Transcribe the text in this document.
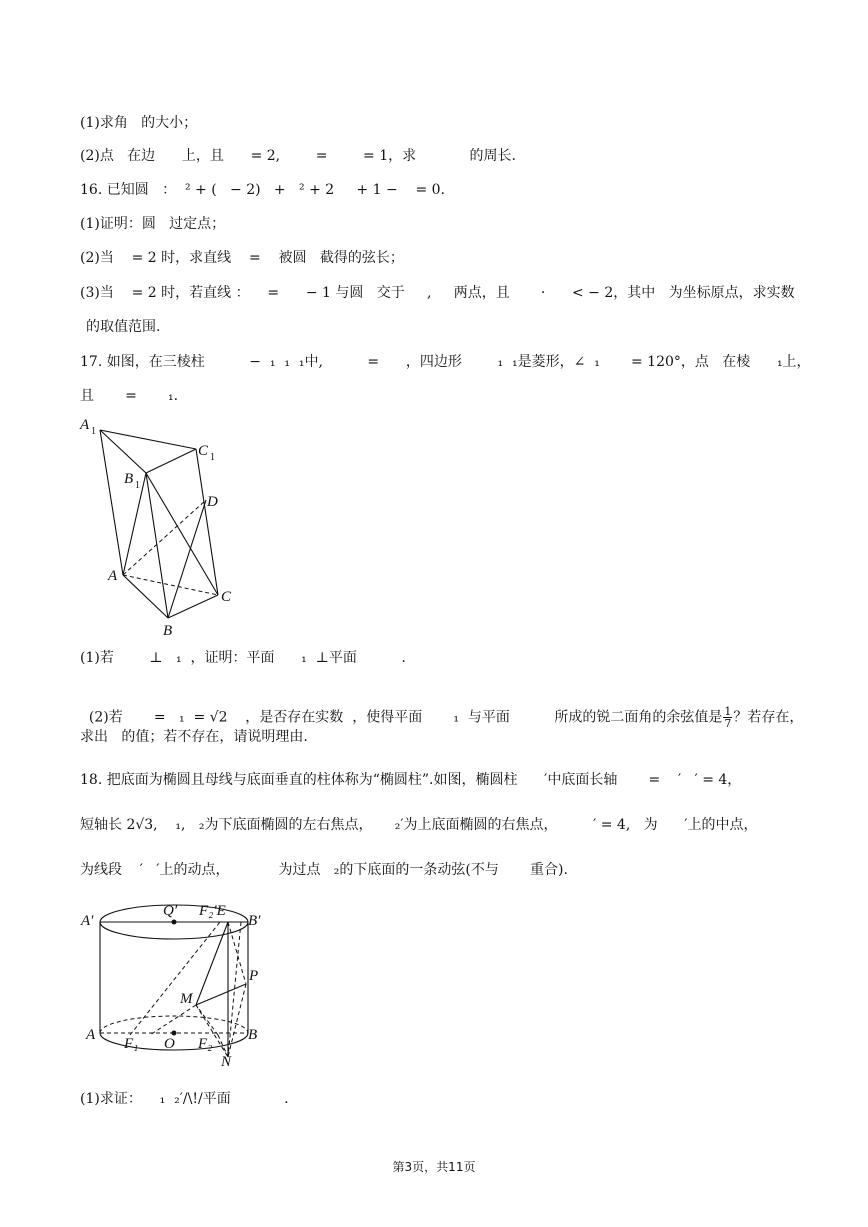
(1)求角   的大小；
(2)点   在边      上，且      = 2,        =        = 1，求            的周长.
16. 已知圆   ：  ² + (   − 2)   +   ² + 2     + 1 −    = 0.
(1)证明：圆   过定点；
(2)当    = 2 时，求直线    =    被圆   截得的弦长；
(3)当    = 2 时，若直线 ：    =      − 1 与圆   交于     ,     两点，且       ·      < − 2，其中   为坐标原点，求实数
的取值范围.
17. 如图，在三棱柱          −  ₁  ₁  ₁中,          =      ，四边形        ₁  ₁是菱形，∠  ₁       = 120°，点   在棱      ₁上，
且       =       ₁.
A 1
C 1
B 1
D
A
C
B
(1)若        ⊥   ₁  ，证明：平面      ₁  ⊥平面          .

(2)若       =   ₁  = √2    ，是否存在实数  ，使得平面       ₁  与平面          所成的锐二面角的余弦值是 $\frac{1}{7}$ ？若存在，

求出   的值；若不存在，请说明理由.
18. 把底面为椭圆且母线与底面垂直的柱体称为“椭圆柱”.如图，椭圆柱      ′中底面长轴       =    ′   ′ = 4，
短轴长 2√3,    ₁,   ₂为下底面椭圆的左右焦点，     ₂′为上底面椭圆的右焦点，        ′ = 4,   为      ′上的中点，
为线段    ′   ′上的动点，           为过点   ₂的下底面的一条动弦(不与       重合).
A′
Q′ F₂′E
B′
P
M
A
F₁ O F₂
B
N
(1)求证：    ₁  ₂′/\!/平面            .
第3页，共11页
